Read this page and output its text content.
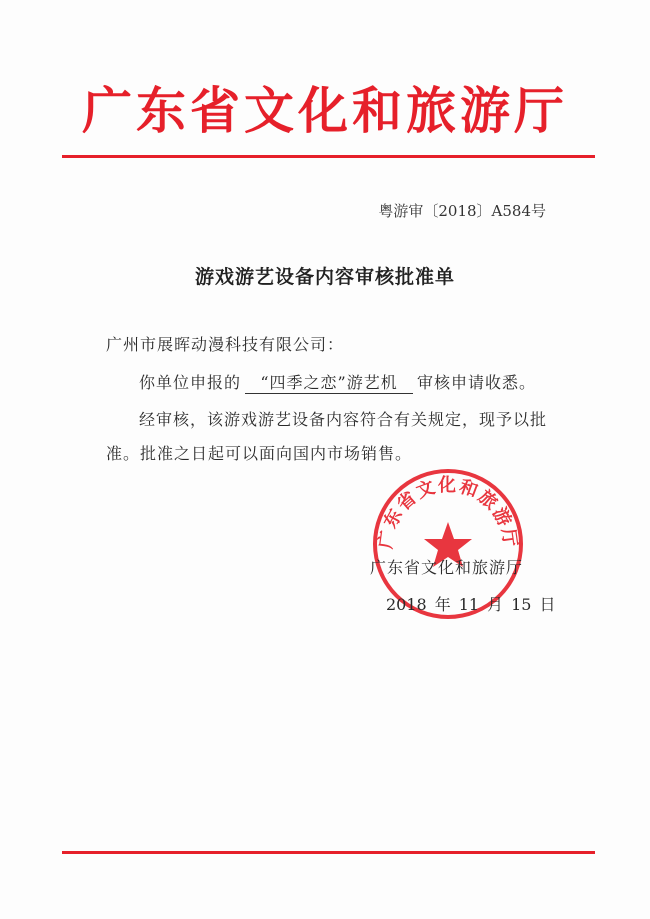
广东省文化和旅游厅
粤游审〔2018〕A584号
游戏游艺设备内容审核批准单
广州市展晖动漫科技有限公司：
你单位申报的 “四季之恋”游艺机 审核申请收悉。
经审核，该游戏游艺设备内容符合有关规定，现予以批
准。批准之日起可以面向国内市场销售。
广东省文化和旅游厅
广东省文化和旅游厅
2018 年 11 月 15 日
